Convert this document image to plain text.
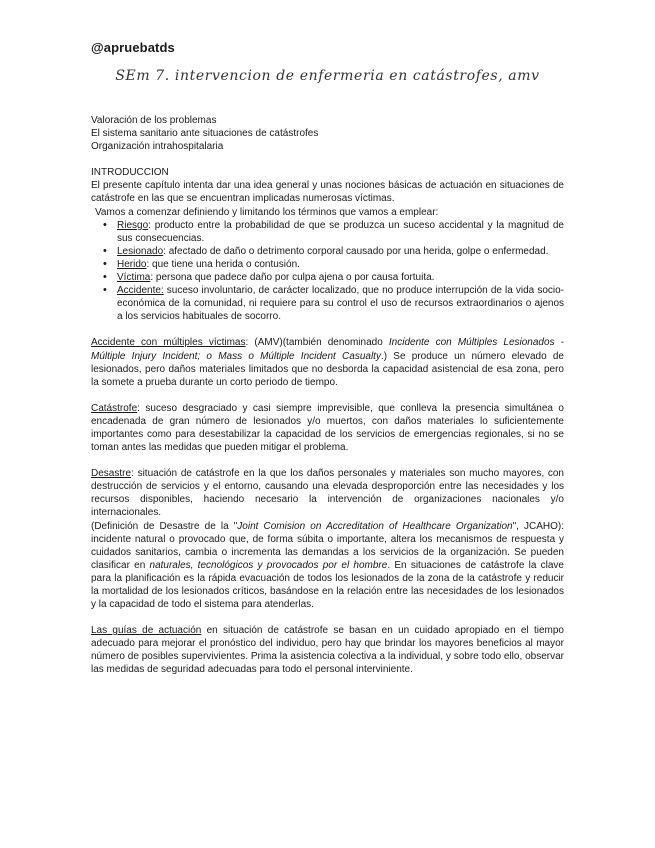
@apruebatds
SEm 7. intervencion de enfermeria en catástrofes, amv

Valoración de los problemas

El sistema sanitario ante situaciones de catástrofes

Organización intrahospitalaria

INTRODUCCION

El presente capítulo intenta dar una idea general y unas nociones básicas de actuación en situaciones de catástrofe en las que se encuentran implicadas numerosas víctimas.

Vamos a comenzar definiendo y limitando los términos que vamos a emplear:

• Riesgo: producto entre la probabilidad de que se produzca un suceso accidental y la magnitud de sus consecuencias.
• Lesionado: afectado de daño o detrimento corporal causado por una herida, golpe o enfermedad.
• Herido: que tiene una herida o contusión.
• Víctima: persona que padece daño por culpa ajena o por causa fortuita.
• Accidente: suceso involuntario, de carácter localizado, que no produce interrupción de la vida socio- económica de la comunidad, ni requiere para su control el uso de recursos extraordinarios o ajenos a los servicios habituales de socorro.

Accidente con múltiples víctimas: (AMV)(también denominado Incidente con Múltiples Lesionados - Múltiple Injury Incident; o Mass o Múltiple Incident Casualty.) Se produce un número elevado de lesionados, pero daños materiales limitados que no desborda la capacidad asistencial de esa zona, pero la somete a prueba durante un corto periodo de tiempo.

Catástrofe: suceso desgraciado y casi siempre imprevisible, que conlleva la presencia simultánea o encadenada de gran número de lesionados y/o muertos, con daños materiales lo suficientemente importantes como para desestabilizar la capacidad de los servicios de emergencias regionales, si no se toman antes las medidas que pueden mitigar el problema.

Desastre: situación de catástrofe en la que los daños personales y materiales son mucho mayores, con destrucción de servicios y el entorno, causando una elevada desproporción entre las necesidades y los recursos disponibles, haciendo necesario la intervención de organizaciones nacionales y/o internacionales.

(Definición de Desastre de la "Joint Comision on Accreditation of Healthcare Organization", JCAHO): incidente natural o provocado que, de forma súbita o importante, altera los mecanismos de respuesta y cuidados sanitarios, cambia o incrementa las demandas a los servicios de la organización. Se pueden clasificar en naturales, tecnológicos y provocados por el hombre. En situaciones de catástrofe la clave para la planificación es la rápida evacuación de todos los lesionados de la zona de la catástrofe y reducir la mortalidad de los lesionados críticos, basándose en la relación entre las necesidades de los lesionados y la capacidad de todo el sistema para atenderlas.

Las guías de actuación en situación de catástrofe se basan en un cuidado apropiado en el tiempo adecuado para mejorar el pronóstico del individuo, pero hay que brindar los mayores beneficios al mayor número de posibles supervivientes. Prima la asistencia colectiva a la individual, y sobre todo ello, observar las medidas de seguridad adecuadas para todo el personal interviniente.
